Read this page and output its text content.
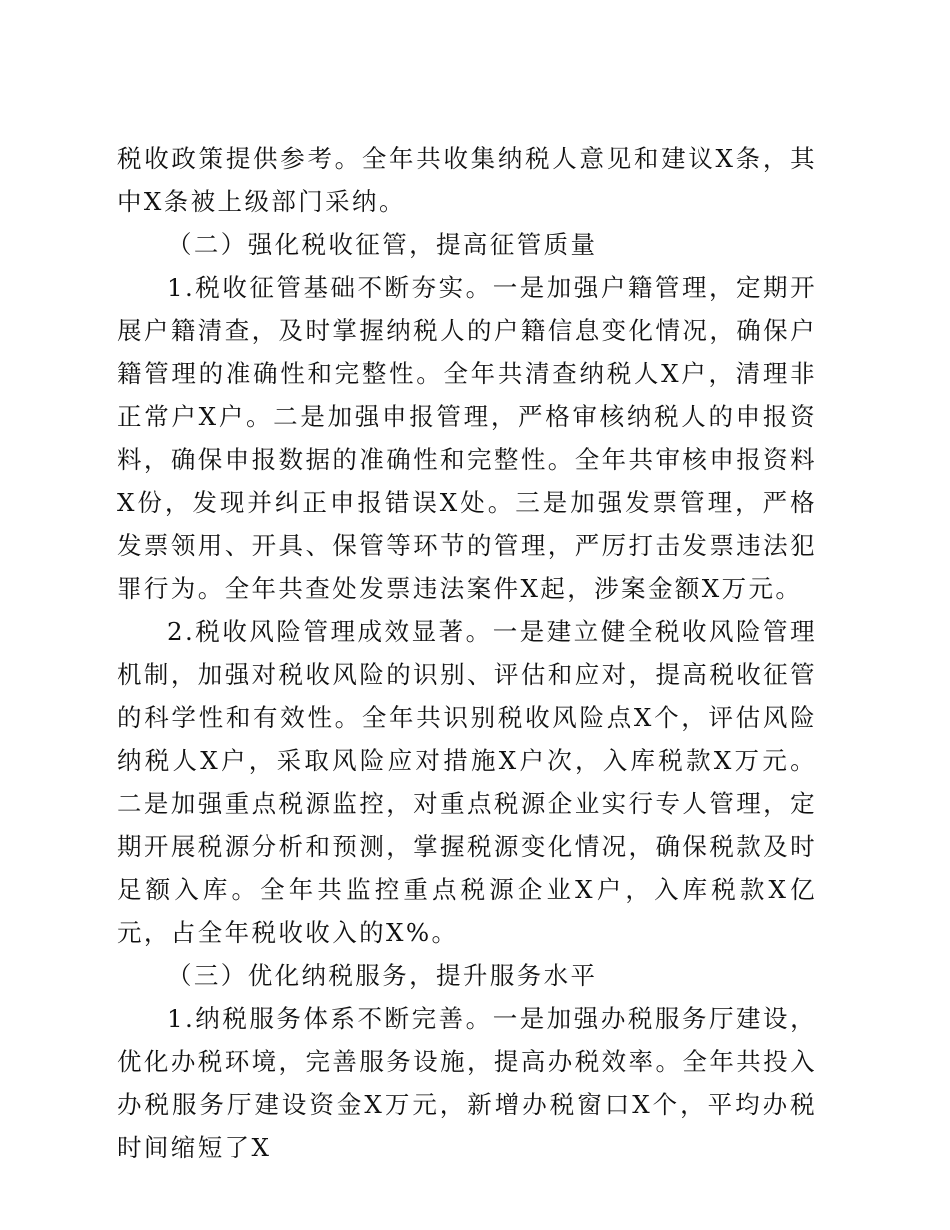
税收政策提供参考。全年共收集纳税人意见和建议X条，其中X条被上级部门采纳。

（二）强化税收征管，提高征管质量

1.税收征管基础不断夯实。一是加强户籍管理，定期开展户籍清查，及时掌握纳税人的户籍信息变化情况，确保户籍管理的准确性和完整性。全年共清查纳税人X户，清理非正常户X户。二是加强申报管理，严格审核纳税人的申报资料，确保申报数据的准确性和完整性。全年共审核申报资料X份，发现并纠正申报错误X处。三是加强发票管理，严格发票领用、开具、保管等环节的管理，严厉打击发票违法犯罪行为。全年共查处发票违法案件X起，涉案金额X万元。

2.税收风险管理成效显著。一是建立健全税收风险管理机制，加强对税收风险的识别、评估和应对，提高税收征管的科学性和有效性。全年共识别税收风险点X个，评估风险纳税人X户，采取风险应对措施X户次，入库税款X万元。二是加强重点税源监控，对重点税源企业实行专人管理，定期开展税源分析和预测，掌握税源变化情况，确保税款及时足额入库。全年共监控重点税源企业X户，入库税款X亿元，占全年税收收入的X%。

（三）优化纳税服务，提升服务水平

1.纳税服务体系不断完善。一是加强办税服务厅建设，优化办税环境，完善服务设施，提高办税效率。全年共投入办税服务厅建设资金X万元，新增办税窗口X个，平均办税时间缩短了X
